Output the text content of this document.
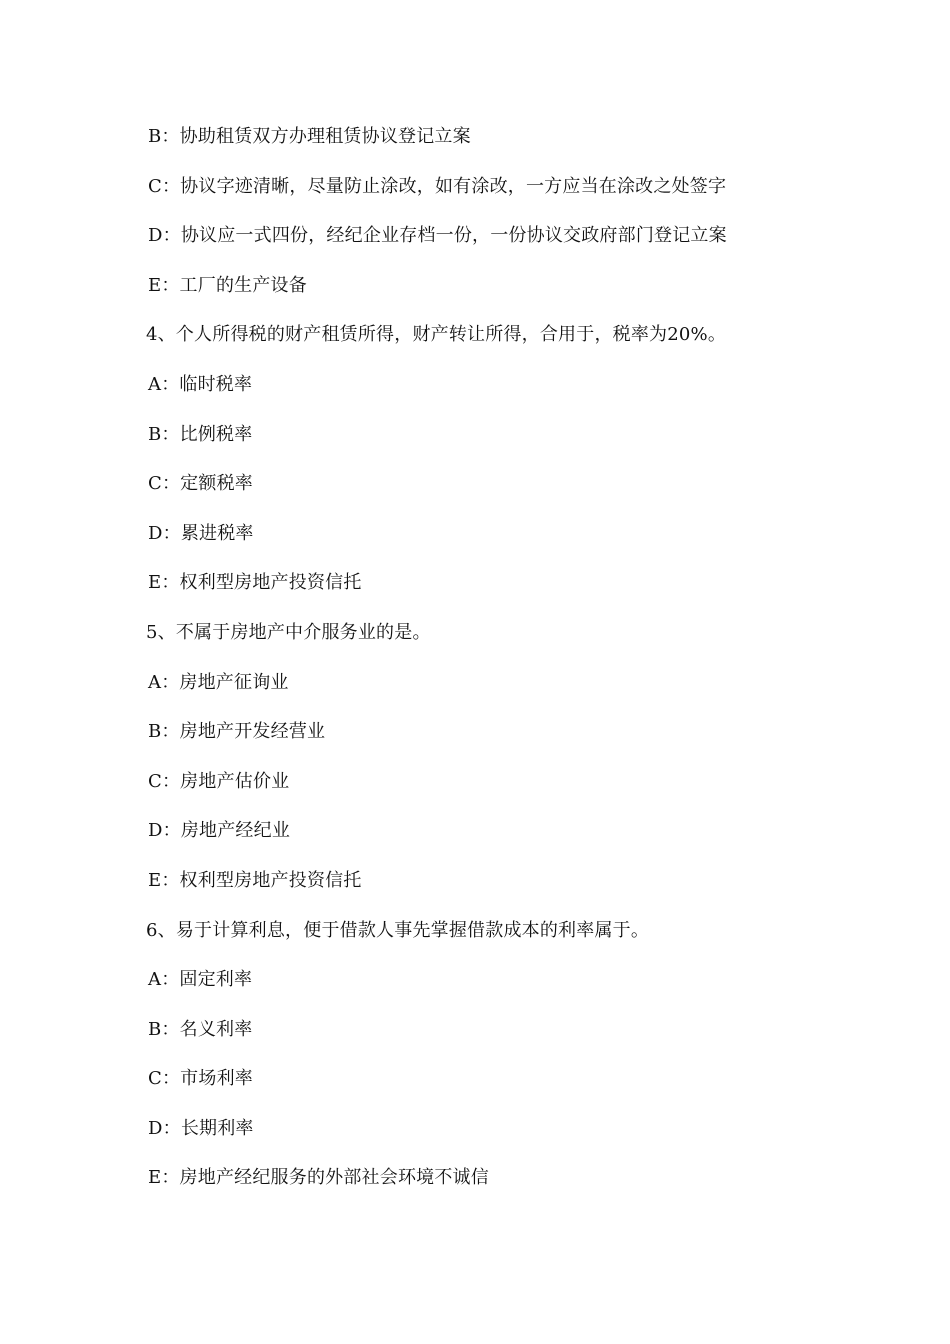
B：协助租赁双方办理租赁协议登记立案
C：协议字迹清晰，尽量防止涂改，如有涂改，一方应当在涂改之处签字
D：协议应一式四份，经纪企业存档一份，一份协议交政府部门登记立案
E：工厂的生产设备
4、个人所得税的财产租赁所得，财产转让所得，合用于，税率为20%。
A：临时税率
B：比例税率
C：定额税率
D：累进税率
E：权利型房地产投资信托
5、不属于房地产中介服务业的是。
A：房地产征询业
B：房地产开发经营业
C：房地产估价业
D：房地产经纪业
E：权利型房地产投资信托
6、易于计算利息，便于借款人事先掌握借款成本的利率属于。
A：固定利率
B：名义利率
C：市场利率
D：长期利率
E：房地产经纪服务的外部社会环境不诚信
